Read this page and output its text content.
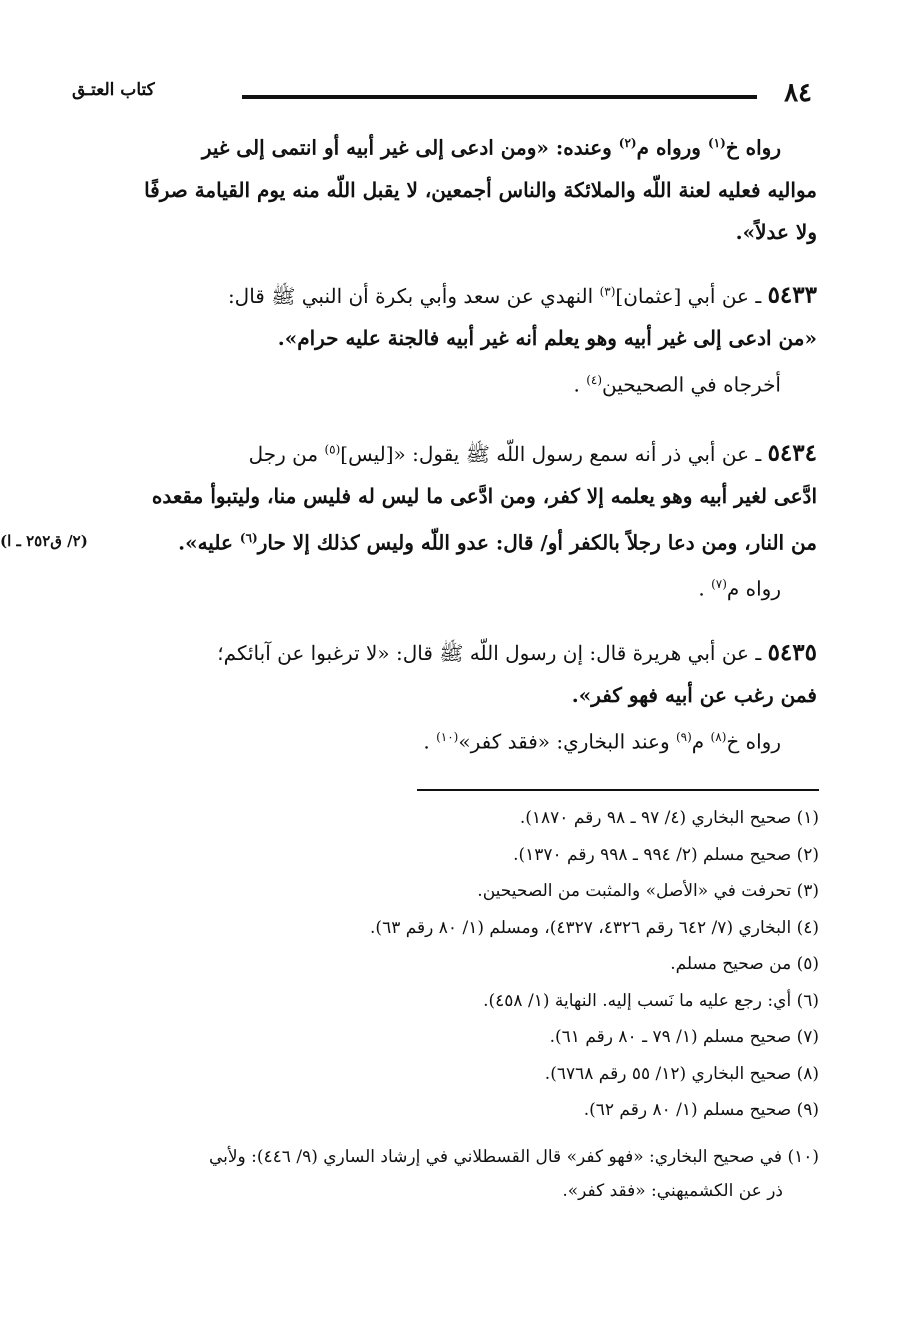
٨٤
كتاب العتـق
رواه خ$^{(١)}$ ورواه م$^{(٢)}$ وعنده: «ومن ادعى إلى غير أبيه أو انتمى إلى غير
مواليه فعليه لعنة اللّه والملائكة والناس أجمعين، لا يقبل اللّه منه يوم القيامة صرفًا
ولا عدلاً».
٥٤٣٣ ـ عن أبي [عثمان]$^{(٣)}$ النهدي عن سعد وأبي بكرة أن النبي ﷺ قال:
«من ادعى إلى غير أبيه وهو يعلم أنه غير أبيه فالجنة عليه حرام».
أخرجاه في الصحيحين$^{(٤)}$ .
٥٤٣٤ ـ عن أبي ذر أنه سمع رسول اللّه ﷺ يقول: «[ليس]$^{(٥)}$ من رجل
ادَّعى لغير أبيه وهو يعلمه إلا كفر، ومن ادَّعى ما ليس له فليس منا، وليتبوأ مقعده
من النار، ومن دعا رجلاً بالكفر أو/ قال: عدو اللّه وليس كذلك إلا حار$^{(٦)}$ عليه».
رواه م$^{(٧)}$ .
(٢/ ق٢٥٢ ـ ا)
٥٤٣٥ ـ عن أبي هريرة قال: إن رسول اللّه ﷺ قال: «لا ترغبوا عن آبائكم؛
فمن رغب عن أبيه فهو كفر».
رواه خ$^{(٨)}$ م$^{(٩)}$ وعند البخاري: «فقد كفر»$^{(١٠)}$ .
(١) صحيح البخاري (٤/ ٩٧ ـ ٩٨ رقم ١٨٧٠).
(٢) صحيح مسلم (٢/ ٩٩٤ ـ ٩٩٨ رقم ١٣٧٠).
(٣) تحرفت في «الأصل» والمثبت من الصحيحين.
(٤) البخاري (٧/ ٦٤٢ رقم ٤٣٢٦، ٤٣٢٧)، ومسلم (١/ ٨٠ رقم ٦٣).
(٥) من صحيح مسلم.
(٦) أي: رجع عليه ما نَسب إليه. النهاية (١/ ٤٥٨).
(٧) صحيح مسلم (١/ ٧٩ ـ ٨٠ رقم ٦١).
(٨) صحيح البخاري (١٢/ ٥٥ رقم ٦٧٦٨).
(٩) صحيح مسلم (١/ ٨٠ رقم ٦٢).
(١٠) في صحيح البخاري: «فهو كفر» قال القسطلاني في إرشاد الساري (٩/ ٤٤٦): ولأبي
ذر عن الكشميهني: «فقد كفر».
